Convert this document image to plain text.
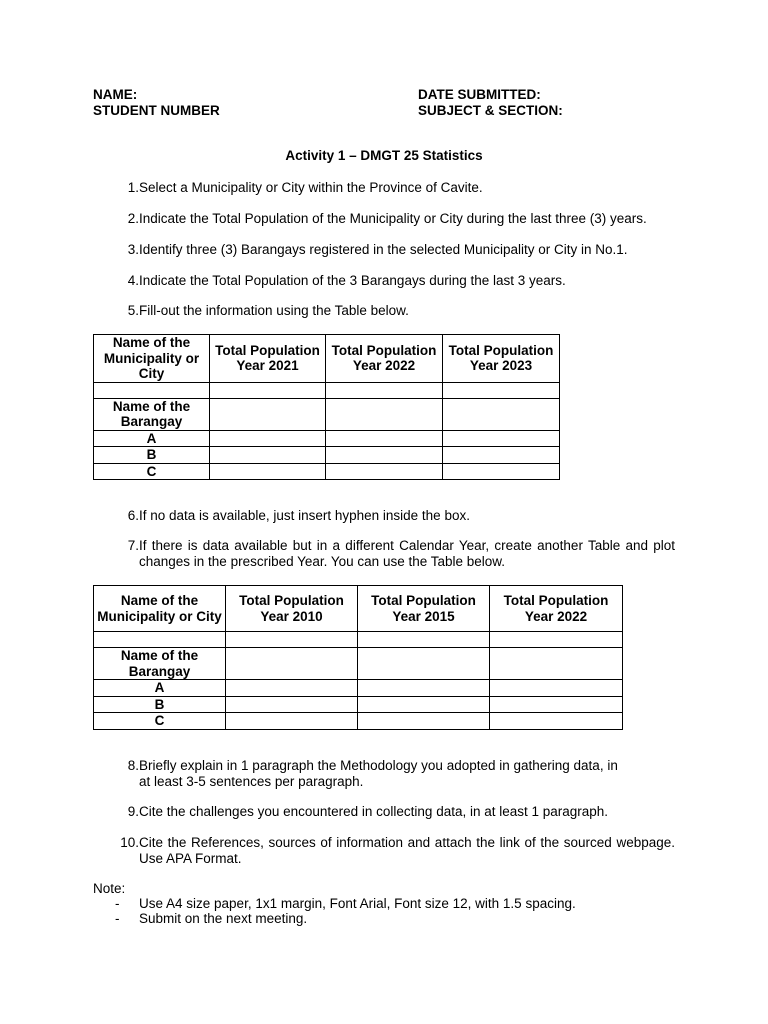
NAME:
STUDENT NUMBER
DATE SUBMITTED:
SUBJECT & SECTION:
Activity 1 – DMGT 25 Statistics
1. Select a Municipality or City within the Province of Cavite.
2. Indicate the Total Population of the Municipality or City during the last three (3) years.
3. Identify three (3) Barangays registered in the selected Municipality or City in No.1.
4. Indicate the Total Population of the 3 Barangays during the last 3 years.
5. Fill-out the information using the Table below.
Name of the Municipality or City	Total Population Year 2021	Total Population Year 2022	Total Population Year 2023

Name of the Barangay			
A			
B			
C			
6. If no data is available, just insert hyphen inside the box.
7. If there is data available but in a different Calendar Year, create another Table and plot changes in the prescribed Year. You can use the Table below.
Name of the Municipality or City	Total Population Year 2010	Total Population Year 2015	Total Population Year 2022

Name of the Barangay			
A			
B			
C			
8. Briefly explain in 1 paragraph the Methodology you adopted in gathering data, in
at least 3-5 sentences per paragraph.
9. Cite the challenges you encountered in collecting data, in at least 1 paragraph.
10. Cite the References, sources of information and attach the link of the sourced webpage. Use APA Format.
Note:
- Use A4 size paper, 1x1 margin, Font Arial, Font size 12, with 1.5 spacing.
- Submit on the next meeting.
